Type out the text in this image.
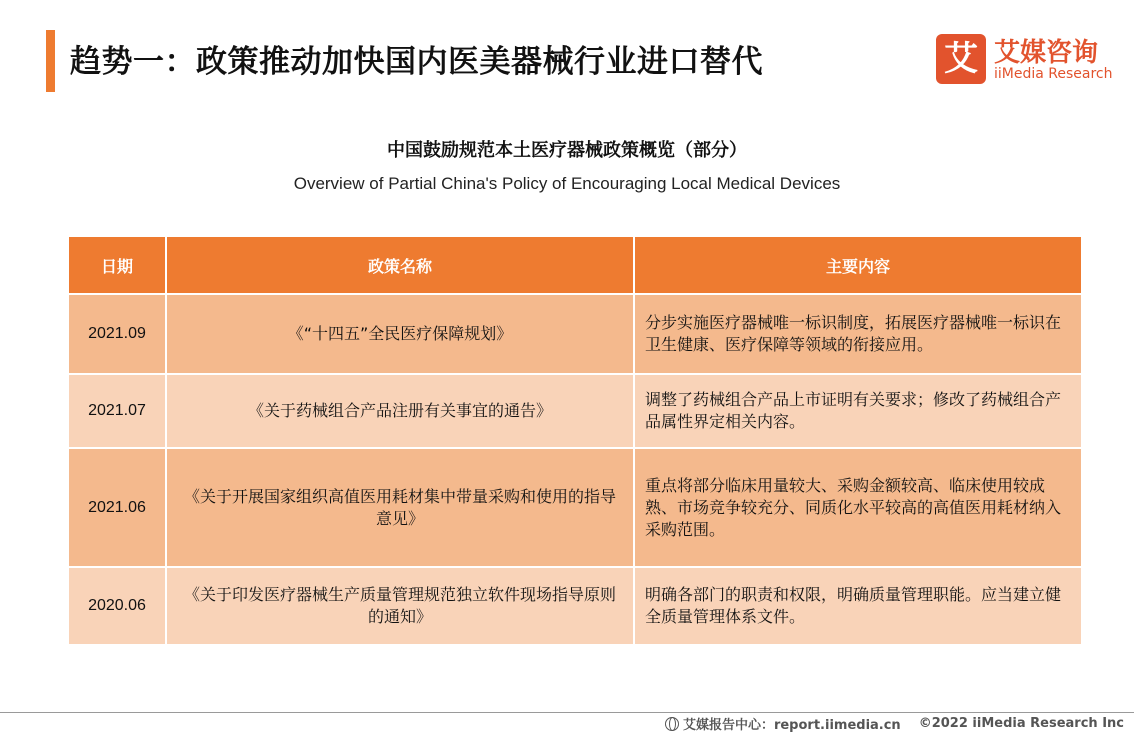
趋势一：政策推动加快国内医美器械行业进口替代	艾 艾媒咨询
iiMedia Research
中国鼓励规范本土医疗器械政策概览（部分）
Overview of Partial China's Policy of Encouraging Local Medical Devices
日期	政策名称	主要内容
2021.09	《“十四五”全民医疗保障规划》	分步实施医疗器械唯一标识制度，拓展医疗器械唯一标识在卫生健康、医疗保障等领域的衔接应用。
2021.07	《关于药械组合产品注册有关事宜的通告》	调整了药械组合产品上市证明有关要求；修改了药械组合产品属性界定相关内容。
2021.06	《关于开展国家组织高值医用耗材集中带量采购和使用的指导意见》	重点将部分临床用量较大、采购金额较高、临床使用较成熟、市场竞争较充分、同质化水平较高的高值医用耗材纳入采购范围。
2020.06	《关于印发医疗器械生产质量管理规范独立软件现场指导原则的通知》	明确各部门的职责和权限，明确质量管理职能。应当建立健全质量管理体系文件。
艾媒报告中心：report.iimedia.cn ©2022 iiMedia Research Inc
